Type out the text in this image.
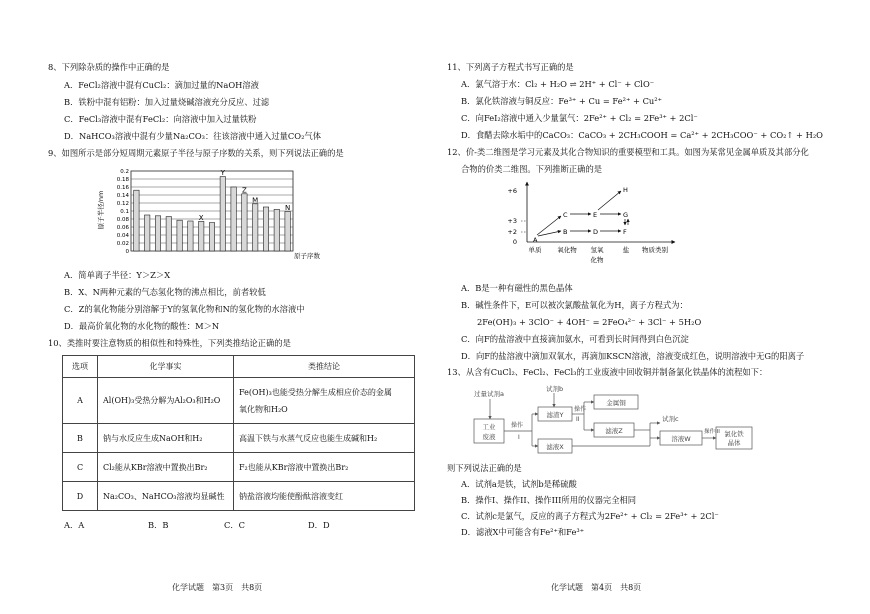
8、下列除杂质的操作中正确的是
A．FeCl₂溶液中混有CuCl₂：滴加过量的NaOH溶液
B．铁粉中混有铝粉：加入过量烧碱溶液充分反应、过滤
C．FeCl₃溶液中混有FeCl₂：向溶液中加入过量铁粉
D．NaHCO₃溶液中混有少量Na₂CO₃：往该溶液中通入过量CO₂气体
9、如图所示是部分短周期元素原子半径与原子序数的关系，则下列说法正确的是
原子半径/nm
0.2
0.18
0.16
0.14
0.12
0.1
0.08
0.06
0.04
0.02
0
X
Y
Z
M
N
原子序数
A．简单离子半径：Y＞Z＞X
B．X、N两种元素的气态氢化物的沸点相比，前者较低
C．Z的氧化物能分别溶解于Y的氢氧化物和N的氢化物的水溶液中
D．最高价氧化物的水化物的酸性：M＞N
10、类推时要注意物质的相似性和特殊性，下列类推结论正确的是
选项	化学事实	类推结论
A	Al(OH)₃受热分解为Al₂O₃和H₂O	Fe(OH)₃也能受热分解生成相应价态的金属
氧化物和H₂O

B	钠与水反应生成NaOH和H₂	高温下铁与水蒸气反应也能生成碱和H₂
C	Cl₂能从KBr溶液中置换出Br₂	F₂也能从KBr溶液中置换出Br₂
D	Na₂CO₃、NaHCO₃溶液均显碱性	钠盐溶液均能使酚酞溶液变红
A．A	B．B	C．C	D．D
化学试题　第3页　共8页
11、下列离子方程式书写正确的是
A．氯气溶于水：Cl₂ + H₂O ⇌ 2H⁺ + Cl⁻ + ClO⁻
B．氯化铁溶液与铜反应：Fe³⁺ + Cu = Fe²⁺ + Cu²⁺
C．向FeI₂溶液中通入少量氯气：2Fe²⁺ + Cl₂ = 2Fe³⁺ + 2Cl⁻
D．食醋去除水垢中的CaCO₃：CaCO₃ + 2CH₃COOH = Ca²⁺ + 2CH₃COO⁻ + CO₂↑ + H₂O
12、价-类二维图是学习元素及其化合物知识的重要模型和工具。如图为某常见金属单质及其部分化
合物的价类二维图。下列推断正确的是
+6
+3
+2
0
单质 氧化物 氢氧
化物
盐 物质类别
A
B
C
D
E
F
G
H
A．B是一种有磁性的黑色晶体
B．碱性条件下，E可以被次氯酸盐氧化为H，离子方程式为：
2Fe(OH)₃ + 3ClO⁻ + 4OH⁻ = 2FeO₄²⁻ + 3Cl⁻ + 5H₂O
C．向F的盐溶液中直接滴加氨水，可看到长时间得到白色沉淀
D．向F的盐溶液中滴加双氧水，再滴加KSCN溶液，溶液变成红色，说明溶液中无G的阳离子
13、从含有CuCl₂、FeCl₂、FeCl₃的工业废液中回收铜并制备氯化铁晶体的流程如下：
过量试剂a
试剂b
试剂c
工业
废液
操作
I
操作
II
滤渣Y
金属铜
滤液Z
滤液X
溶液W
操作III 氯化铁
晶体
则下列说法正确的是
A．试剂a是铁，试剂b是稀硫酸
B．操作I、操作II、操作III所用的仪器完全相同
C．试剂c是氯气，反应的离子方程式为2Fe²⁺ + Cl₂ = 2Fe³⁺ + 2Cl⁻
D．滤液X中可能含有Fe²⁺和Fe³⁺
化学试题　第4页　共8页
